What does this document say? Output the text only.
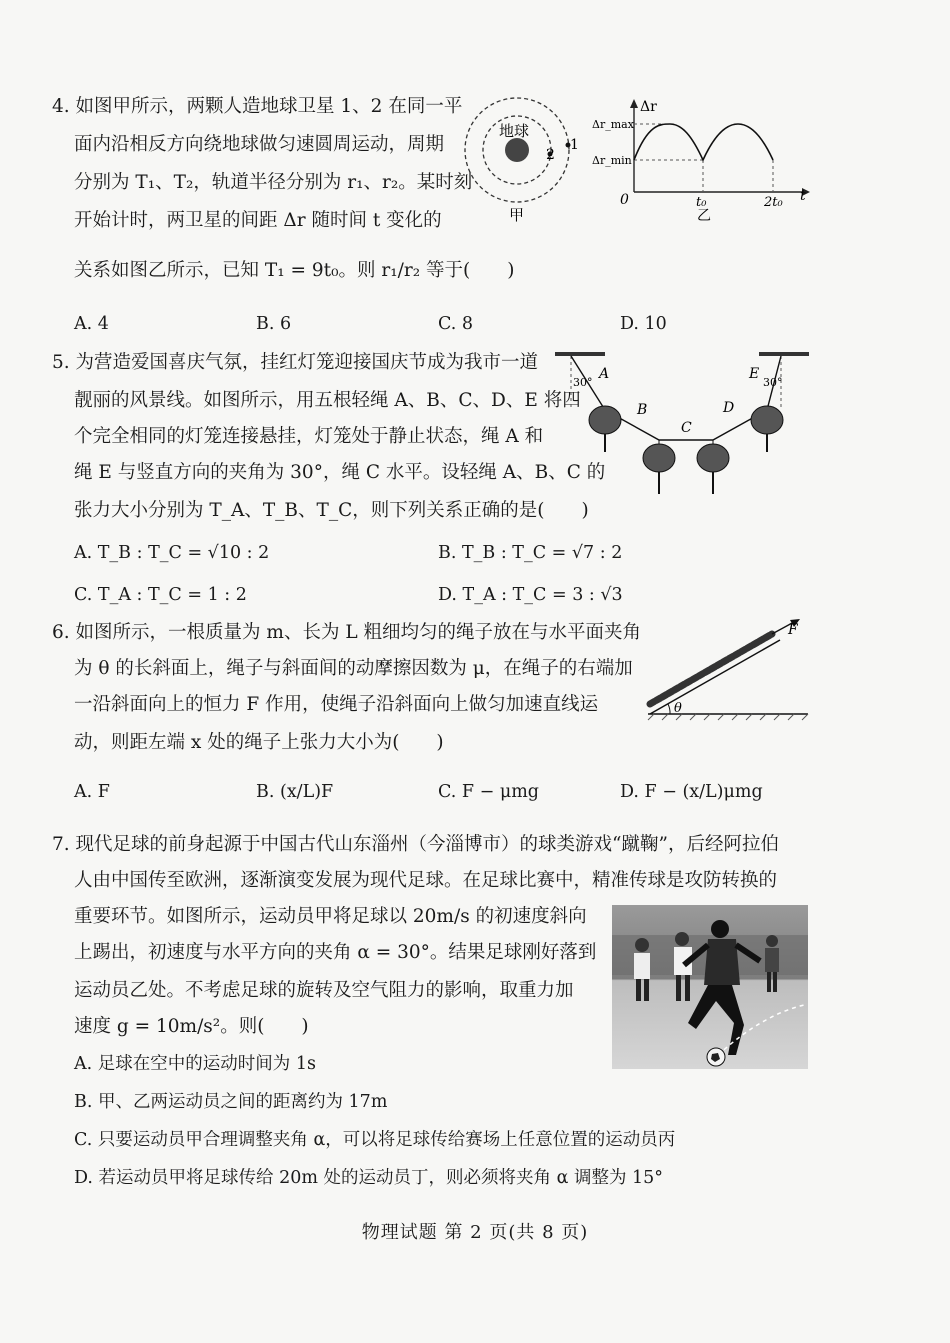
4. 如图甲所示，两颗人造地球卫星 1、2 在同一平
面内沿相反方向绕地球做匀速圆周运动，周期
分别为 T₁、T₂，轨道半径分别为 r₁、r₂。某时刻
开始计时，两卫星的间距 Δr 随时间 t 变化的
关系如图乙所示，已知 T₁ = 9t₀。则 r₁/r₂ 等于(　　)
A. 4	B. 6	C. 8	D. 10
地球
2
1
甲
Δr
t
0
Δr_max
Δr_min
t₀	2t₀
乙
5. 为营造爱国喜庆气氛，挂红灯笼迎接国庆节成为我市一道
靓丽的风景线。如图所示，用五根轻绳 A、B、C、D、E 将四
个完全相同的灯笼连接悬挂，灯笼处于静止状态，绳 A 和
绳 E 与竖直方向的夹角为 30°，绳 C 水平。设轻绳 A、B、C 的
张力大小分别为 T_A、T_B、T_C，则下列关系正确的是(　　)
A. T_B : T_C = √10 : 2	B. T_B : T_C = √7 : 2
C. T_A : T_C = 1 : 2	D. T_A : T_C = 3 : √3
30°	30°
A
B
C
D
E
6. 如图所示，一根质量为 m、长为 L 粗细均匀的绳子放在与水平面夹角
为 θ 的长斜面上，绳子与斜面间的动摩擦因数为 μ，在绳子的右端加
一沿斜面向上的恒力 F 作用，使绳子沿斜面向上做匀加速直线运
动，则距左端 x 处的绳子上张力大小为(　　)
A. F	B. (x/L)F	C. F − μmg	D. F − (x/L)μmg
F
θ
7. 现代足球的前身起源于中国古代山东淄州（今淄博市）的球类游戏“蹴鞠”，后经阿拉伯
人由中国传至欧洲，逐渐演变发展为现代足球。在足球比赛中，精准传球是攻防转换的
重要环节。如图所示，运动员甲将足球以 20m/s 的初速度斜向
上踢出，初速度与水平方向的夹角 α = 30°。结果足球刚好落到
运动员乙处。不考虑足球的旋转及空气阻力的影响，取重力加
速度 g = 10m/s²。则(　　)
A. 足球在空中的运动时间为 1s
B. 甲、乙两运动员之间的距离约为 17m
C. 只要运动员甲合理调整夹角 α，可以将足球传给赛场上任意位置的运动员丙
D. 若运动员甲将足球传给 20m 处的运动员丁，则必须将夹角 α 调整为 15°
物理试题 第 2 页(共 8 页)
